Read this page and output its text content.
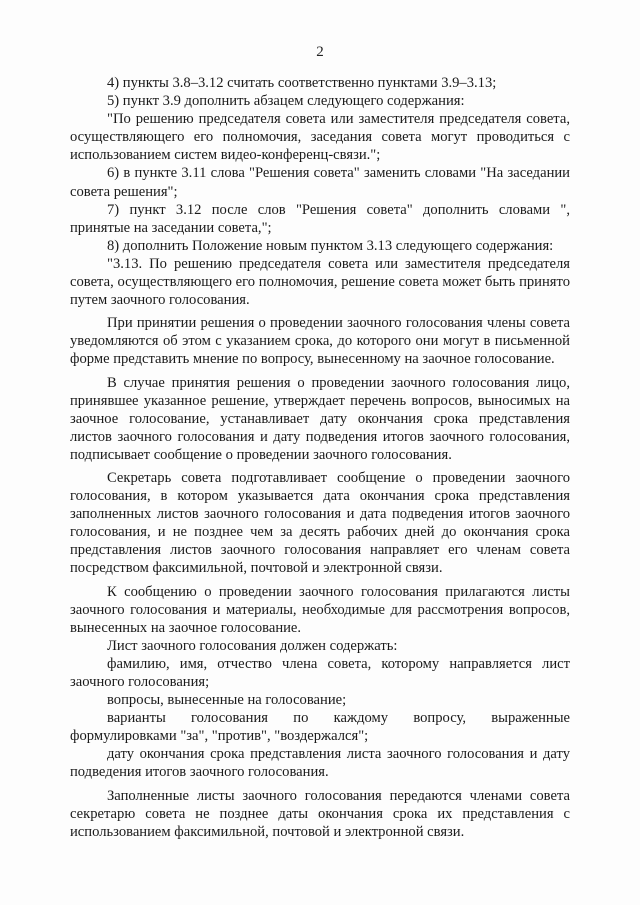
2

4) пункты 3.8–3.12 считать соответственно пунктами 3.9–3.13;

5) пункт 3.9 дополнить абзацем следующего содержания:

"По решению председателя совета или заместителя председателя совета, осуществляющего его полномочия, заседания совета могут проводиться с использованием систем видео-конференц-связи.";

6) в пункте 3.11 слова "Решения совета" заменить словами "На заседании совета решения";

7) пункт 3.12 после слов "Решения совета" дополнить словами ", принятые на заседании совета,";

8) дополнить Положение новым пунктом 3.13 следующего содержания:

"3.13. По решению председателя совета или заместителя председателя совета, осуществляющего его полномочия, решение совета может быть принято путем заочного голосования.

При принятии решения о проведении заочного голосования члены совета уведомляются об этом с указанием срока, до которого они могут в письменной форме представить мнение по вопросу, вынесенному на заочное голосование.

В случае принятия решения о проведении заочного голосования лицо, принявшее указанное решение, утверждает перечень вопросов, выносимых на заочное голосование, устанавливает дату окончания срока представления листов заочного голосования и дату подведения итогов заочного голосования, подписывает сообщение о проведении заочного голосования.

Секретарь совета подготавливает сообщение о проведении заочного голосования, в котором указывается дата окончания срока представления заполненных листов заочного голосования и дата подведения итогов заочного голосования, и не позднее чем за десять рабочих дней до окончания срока представления листов заочного голосования направляет его членам совета посредством факсимильной, почтовой и электронной связи.

К сообщению о проведении заочного голосования прилагаются листы заочного голосования и материалы, необходимые для рассмотрения вопросов, вынесенных на заочное голосование.

Лист заочного голосования должен содержать:

фамилию, имя, отчество члена совета, которому направляется лист заочного голосования;

вопросы, вынесенные на голосование;

варианты голосования по каждому вопросу, выраженные формулировками "за", "против", "воздержался";

дату окончания срока представления листа заочного голосования и дату подведения итогов заочного голосования.

Заполненные листы заочного голосования передаются членами совета секретарю совета не позднее даты окончания срока их представления с использованием факсимильной, почтовой и электронной связи.
